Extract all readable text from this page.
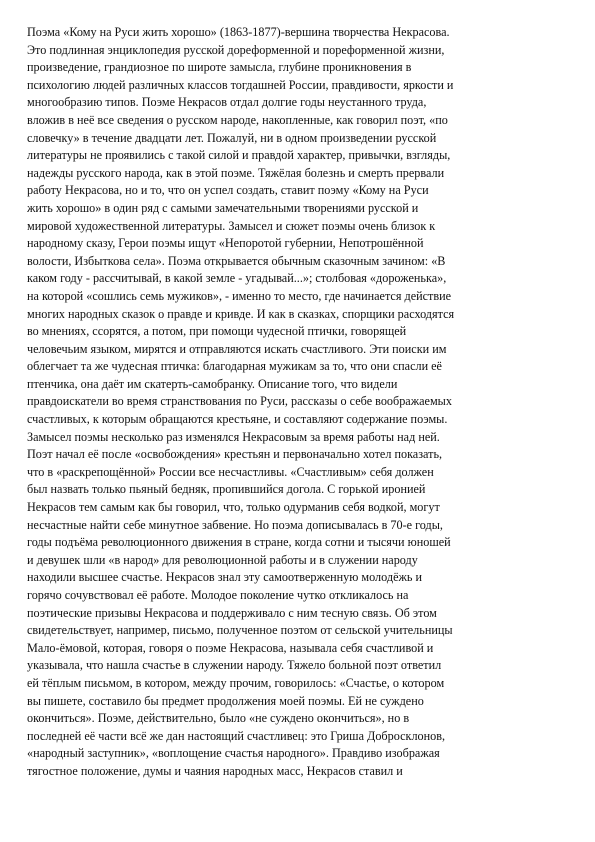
Поэма «Кому на Руси жить хорошо» (1863-1877)-вершина творчества Некрасова.
Это подлинная энциклопедия русской дореформенной и пореформенной жизни,
произведение, грандиозное по широте замысла, глубине проникновения в
психологию людей различных классов тогдашней России, правдивости, яркости и
многообразию типов. Поэме Некрасов отдал долгие годы неустанного труда,
вложив в неё все сведения о русском народе, накопленные, как говорил поэт, «по
словечку» в течение двадцати лет. Пожалуй, ни в одном произведении русской
литературы не проявились с такой силой и правдой характер, привычки, взгляды,
надежды русского народа, как в этой поэме. Тяжёлая болезнь и смерть прервали
работу Некрасова, но и то, что он успел создать, ставит поэму «Кому на Руси
жить хорошо» в один ряд с самыми замечательными творениями русской и
мировой художественной литературы. Замысел и сюжет поэмы очень близок к
народному сказу, Герои поэмы ищут «Непоротой губернии, Непотрошённой
волости, Избыткова села». Поэма открывается обычным сказочным зачином: «В
каком году - рассчитывай, в какой земле - угадывай...»; столбовая «дороженька»,
на которой «сошлись семь мужиков», - именно то место, где начинается действие
многих народных сказок о правде и кривде. И как в сказках, спорщики расходятся
во мнениях, ссорятся, а потом, при помощи чудесной птички, говорящей
человечьим языком, мирятся и отправляются искать счастливого. Эти поиски им
облегчает та же чудесная птичка: благодарная мужикам за то, что они спасли её
птенчика, она даёт им скатерть-самобранку. Описание того, что видели
правдоискатели во время странствования по Руси, рассказы о себе воображаемых
счастливых, к которым обращаются крестьяне, и составляют содержание поэмы.
Замысел поэмы несколько раз изменялся Некрасовым за время работы над ней.
Поэт начал её после «освобождения» крестьян и первоначально хотел показать,
что в «раскрепощённой» России все несчастливы. «Счастливым» себя должен
был назвать только пьяный бедняк, пропившийся догола. С горькой иронией
Некрасов тем самым как бы говорил, что, только одурманив себя водкой, могут
несчастные найти себе минутное забвение. Но поэма дописывалась в 70-е годы,
годы подъёма революционного движения в стране, когда сотни и тысячи юношей
и девушек шли «в народ» для революционной работы и в служении народу
находили высшее счастье. Некрасов знал эту самоотверженную молодёжь и
горячо сочувствовал её работе. Молодое поколение чутко откликалось на
поэтические призывы Некрасова и поддерживало с ним тесную связь. Об этом
свидетельствует, например, письмо, полученное поэтом от сельской учительницы
Мало-ёмовой, которая, говоря о поэме Некрасова, называла себя счастливой и
указывала, что нашла счастье в служении народу. Тяжело больной поэт ответил
ей тёплым письмом, в котором, между прочим, говорилось: «Счастье, о котором
вы пишете, составило бы предмет продолжения моей поэмы. Ей не суждено
окончиться». Поэме, действительно, было «не суждено окончиться», но в
последней её части всё же дан настоящий счастливец: это Гриша Добросклонов,
«народный заступник», «воплощение счастья народного». Правдиво изображая
тягостное положение, думы и чаяния народных масс, Некрасов ставил и
